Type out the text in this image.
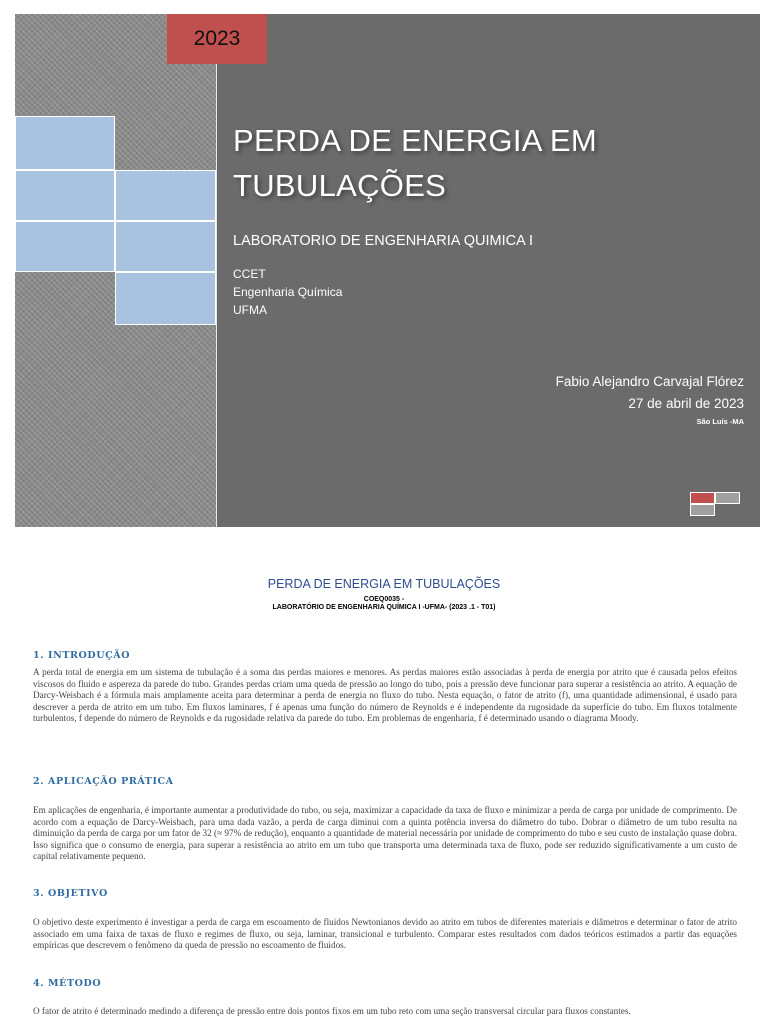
2023
PERDA DE ENERGIA EM TUBULAÇÕES
LABORATORIO DE ENGENHARIA QUIMICA I
CCET
Engenharia Química
UFMA
Fabio Alejandro Carvajal Flórez
27 de abril de 2023
São Luís -MA
PERDA DE ENERGIA EM TUBULAÇÕES
COEQ0035 -
LABORATÓRIO DE ENGENHARIA QUÍMICA I -UFMA- (2023 .1 - T01)
1. INTRODUÇÃO

A perda total de energia em um sistema de tubulação é a soma das perdas maiores e menores. As perdas maiores estão associadas à perda de energia por atrito que é causada pelos efeitos viscosos do fluido e aspereza da parede do tubo. Grandes perdas criam uma queda de pressão ao longo do tubo, pois a pressão deve funcionar para superar a resistência ao atrito. A equação de Darcy-Weisbach é a fórmula mais amplamente aceita para determinar a perda de energia no fluxo do tubo. Nesta equação, o fator de atrito (f), uma quantidade adimensional, é usado para descrever a perda de atrito em um tubo. Em fluxos laminares, f é apenas uma função do número de Reynolds e é independente da rugosidade da superfície do tubo. Em fluxos totalmente turbulentos, f depende do número de Reynolds e da rugosidade relativa da parede do tubo. Em problemas de engenharia, f é determinado usando o diagrama Moody.

2. APLICAÇÃO PRÁTICA

Em aplicações de engenharia, é importante aumentar a produtividade do tubo, ou seja, maximizar a capacidade da taxa de fluxo e minimizar a perda de carga por unidade de comprimento. De acordo com a equação de Darcy-Weisbach, para uma dada vazão, a perda de carga diminui com a quinta potência inversa do diâmetro do tubo. Dobrar o diâmetro de um tubo resulta na diminuição da perda de carga por um fator de 32 (≈ 97% de redução), enquanto a quantidade de material necessária por unidade de comprimento do tubo e seu custo de instalação quase dobra. Isso significa que o consumo de energia, para superar a resistência ao atrito em um tubo que transporta uma determinada taxa de fluxo, pode ser reduzido significativamente a um custo de capital relativamente pequeno.

3. OBJETIVO

O objetivo deste experimento é investigar a perda de carga em escoamento de fluidos Newtonianos devido ao atrito em tubos de diferentes materiais e diâmetros e determinar o fator de atrito associado em uma faixa de taxas de fluxo e regimes de fluxo, ou seja, laminar, transicional e turbulento. Comparar estes resultados com dados teóricos estimados a partir das equações empíricas que descrevem o fenômeno da queda de pressão no escoamento de fluidos.

4. MÉTODO

O fator de atrito é determinado medindo a diferença de pressão entre dois pontos fixos em um tubo reto com uma seção transversal circular para fluxos constantes.
